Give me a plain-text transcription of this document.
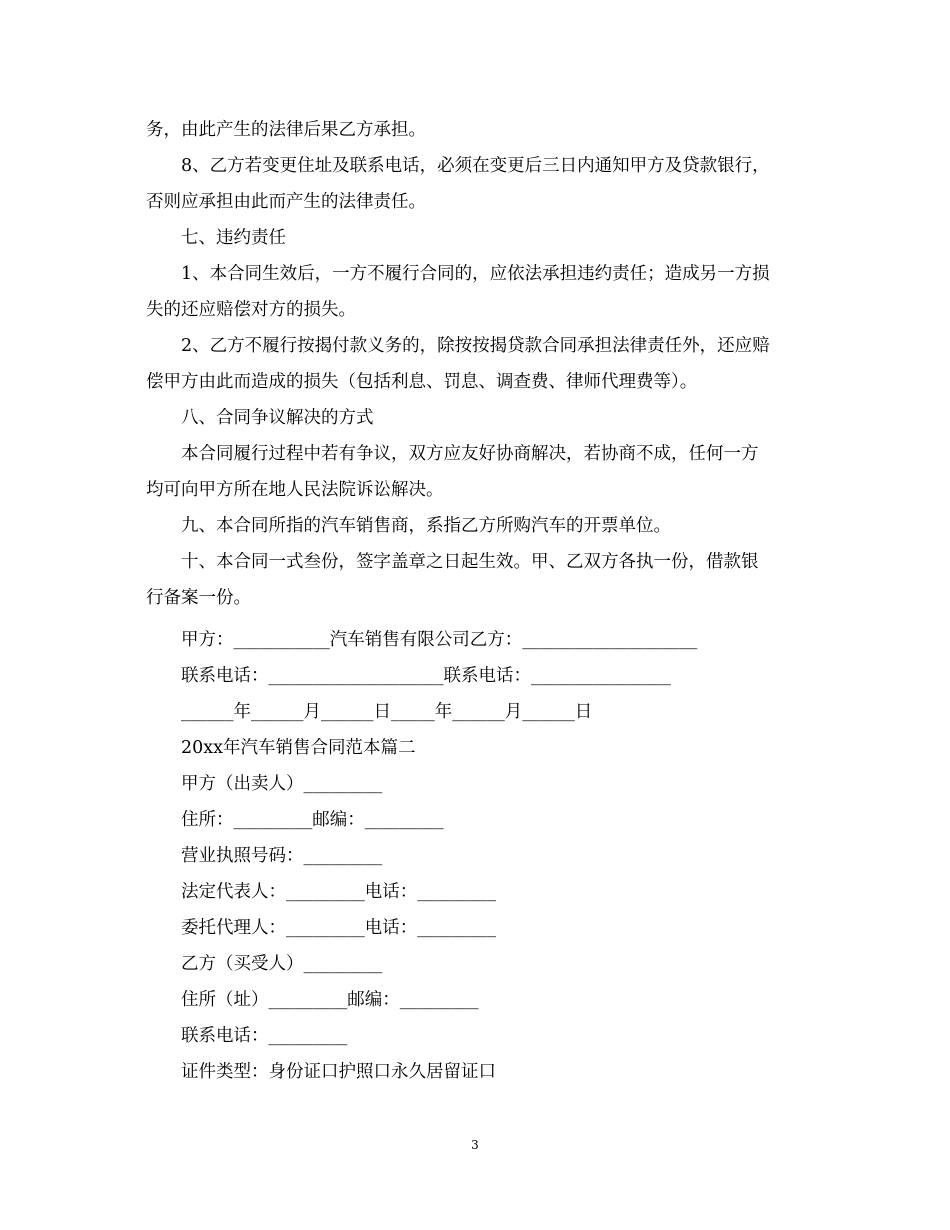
务，由此产生的法律后果乙方承担。
8、乙方若变更住址及联系电话，必须在变更后三日内通知甲方及贷款银行，
否则应承担由此而产生的法律责任。
七、违约责任
1、本合同生效后，一方不履行合同的，应依法承担违约责任；造成另一方损
失的还应赔偿对方的损失。
2、乙方不履行按揭付款义务的，除按按揭贷款合同承担法律责任外，还应赔
偿甲方由此而造成的损失（包括利息、罚息、调查费、律师代理费等）。
八、合同争议解决的方式
本合同履行过程中若有争议，双方应友好协商解决，若协商不成，任何一方
均可向甲方所在地人民法院诉讼解决。
九、本合同所指的汽车销售商，系指乙方所购汽车的开票单位。
十、本合同一式叁份，签字盖章之日起生效。甲、乙双方各执一份，借款银
行备案一份。
甲方：___________汽车销售有限公司乙方：____________________
联系电话：____________________联系电话：________________
______年______月______日_____年______月______日
20xx年汽车销售合同范本篇二
甲方（出卖人）_________
住所：_________邮编：_________
营业执照号码：_________
法定代表人：_________电话：_________
委托代理人：_________电话：_________
乙方（买受人）_________
住所（址）_________邮编：_________
联系电话：_________
证件类型：身份证口护照口永久居留证口
3
